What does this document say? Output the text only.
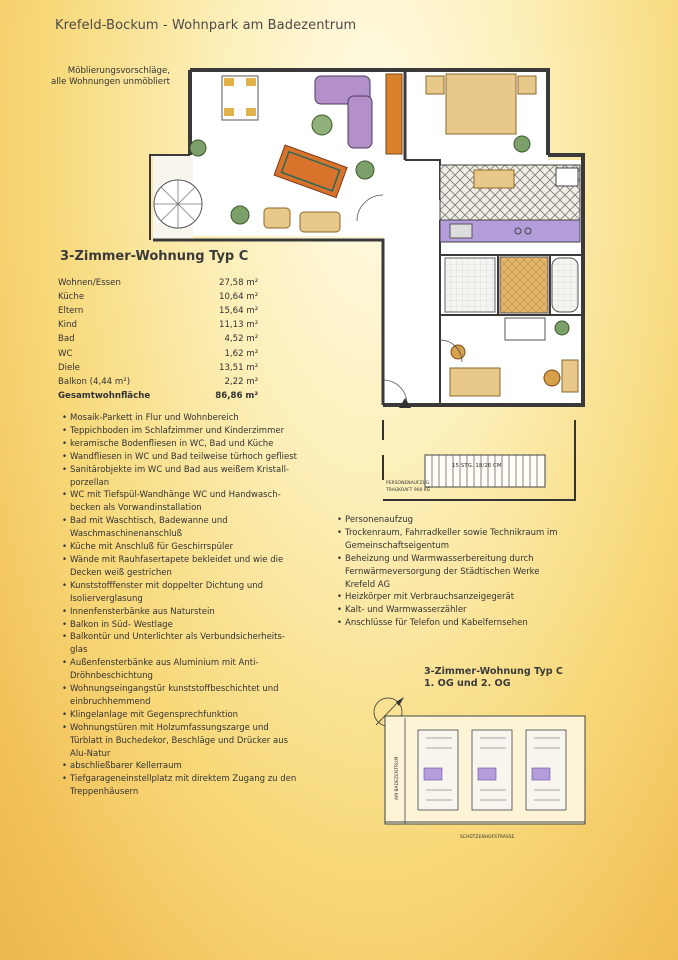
Krefeld-Bockum - Wohnpark am Badezentrum
Möblierungsvorschläge,
alle Wohnungen unmöbliert
15 STG. 18/26 CM
PERSONENAUFZUG
TRAGKRAFT 900 KG
3-Zimmer-Wohnung Typ C
Wohnen/Essen	27,58 m²
Küche	10,64 m²
Eltern	15,64 m²
Kind	11,13 m²
Bad	4,52 m²
WC	1,62 m²
Diele	13,51 m²
Balkon (4,44 m²)	2,22 m²
Gesamtwohnfläche	86,86 m²
• Mosaik-Parkett in Flur und Wohnbereich
• Teppichboden im Schlafzimmer und Kinderzimmer
• keramische Bodenfliesen in WC, Bad und Küche
• Wandfliesen in WC und Bad teilweise türhoch gefliest
• Sanitärobjekte im WC und Bad aus weißem Kristall-porzellan
• WC mit Tiefspül-Wandhänge WC und Handwasch-becken als Vorwandinstallation
• Bad mit Waschtisch, Badewanne und Waschmaschinenanschluß
• Küche mit Anschluß für Geschirrspüler
• Wände mit Rauhfasertapete bekleidet und wie die Decken weiß gestrichen
• Kunststofffenster mit doppelter Dichtung und Isolierverglasung
• Innenfensterbänke aus Naturstein
• Balkon in Süd- Westlage
• Balkontür und Unterlichter als Verbundsicherheits-glas
• Außenfensterbänke aus Aluminium mit Anti-Dröhnbeschichtung
• Wohnungseingangstür kunststoffbeschichtet und einbruchhemmend
• Klingelanlage mit Gegensprechfunktion
• Wohnungstüren mit Holzumfassungszarge und Türblatt in Buchedekor, Beschläge und Drücker aus Alu-Natur
• abschließbarer Kellerraum
• Tiefgarageneinstellplatz mit direktem Zugang zu den Treppenhäusern
• Personenaufzug
• Trockenraum, Fahrradkeller sowie Technikraum im Gemeinschaftseigentum
• Beheizung und Warmwasserbereitung durch Fernwärmeversorgung der Städtischen Werke Krefeld AG
• Heizkörper mit Verbrauchsanzeigegerät
• Kalt- und Warmwasserzähler
• Anschlüsse für Telefon und Kabelfernsehen
3-Zimmer-Wohnung Typ C
1. OG und 2. OG
SCHÜTZENHOFSTRASSE
AM BADEZENTRUM
